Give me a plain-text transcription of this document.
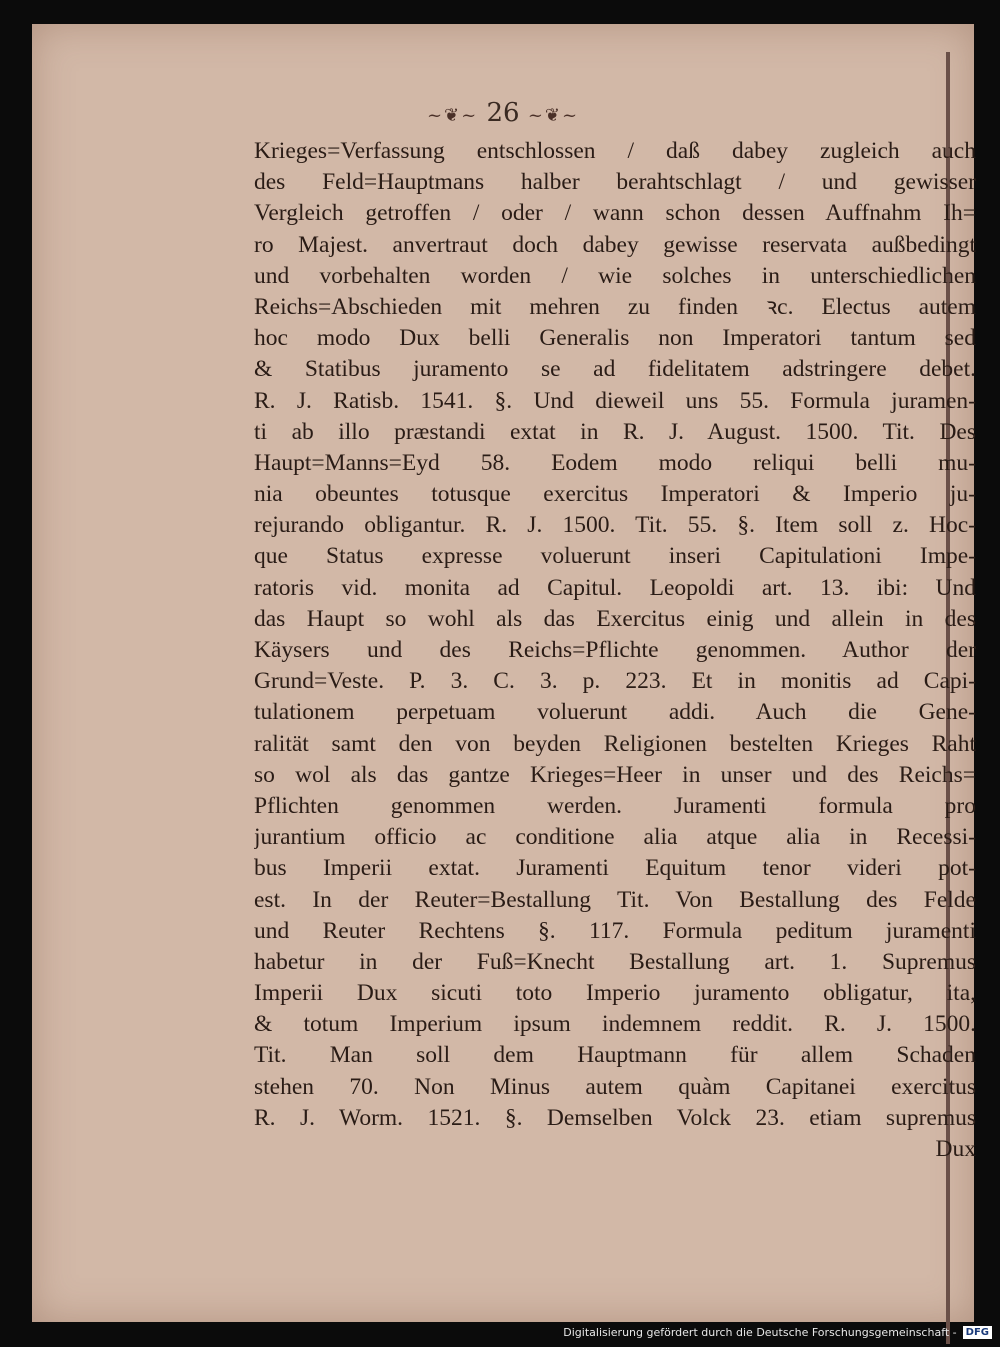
~❦~ 26 ~❦~
Krieges=Verfassung entschlossen / daß dabey zugleich auch
des Feld=Hauptmans halber berahtschlagt / und gewisser
Vergleich getroffen / oder / wann schon dessen Auffnahm Ih=
ro Majest. anvertraut doch dabey gewisse reservata außbedingt
und vorbehalten worden / wie solches in unterschiedlichen
Reichs=Abschieden mit mehren zu finden ꝛc. Electus autem
hoc modo Dux belli Generalis non Imperatori tantum sed
& Statibus juramento se ad fidelitatem adstringere debet.
R. J. Ratisb. 1541. §. Und dieweil uns 55. Formula juramen-
ti ab illo præstandi extat in R. J. August. 1500. Tit. Des
Haupt=Manns=Eyd 58. Eodem modo reliqui belli mu-
nia obeuntes totusque exercitus Imperatori & Imperio ju-
rejurando obligantur. R. J. 1500. Tit. 55. §. Item soll z. Hoc-
que Status expresse voluerunt inseri Capitulationi Impe-
ratoris vid. monita ad Capitul. Leopoldi art. 13. ibi: Und
das Haupt so wohl als das Exercitus einig und allein in des
Käysers und des Reichs=Pflichte genommen. Author der
Grund=Veste. P. 3. C. 3. p. 223. Et in monitis ad Capi-
tulationem perpetuam voluerunt addi. Auch die Gene-
ralität samt den von beyden Religionen bestelten Krieges Raht
so wol als das gantze Krieges=Heer in unser und des Reichs=
Pflichten genommen werden. Juramenti formula pro
jurantium officio ac conditione alia atque alia in Recessi-
bus Imperii extat. Juramenti Equitum tenor videri pot-
est. In der Reuter=Bestallung Tit. Von Bestallung des Felde
und Reuter Rechtens §. 117. Formula peditum juramenti
habetur in der Fuß=Knecht Bestallung art. 1. Supremus
Imperii Dux sicuti toto Imperio juramento obligatur, ita,
& totum Imperium ipsum indemnem reddit. R. J. 1500.
Tit. Man soll dem Hauptmann für allem Schaden
stehen 70. Non Minus autem quàm Capitanei exercitus
R. J. Worm. 1521. §. Demselben Volck 23. etiam supremus
Dux
Digitalisierung gefördert durch die Deutsche Forschungsgemeinschaft - DFG
